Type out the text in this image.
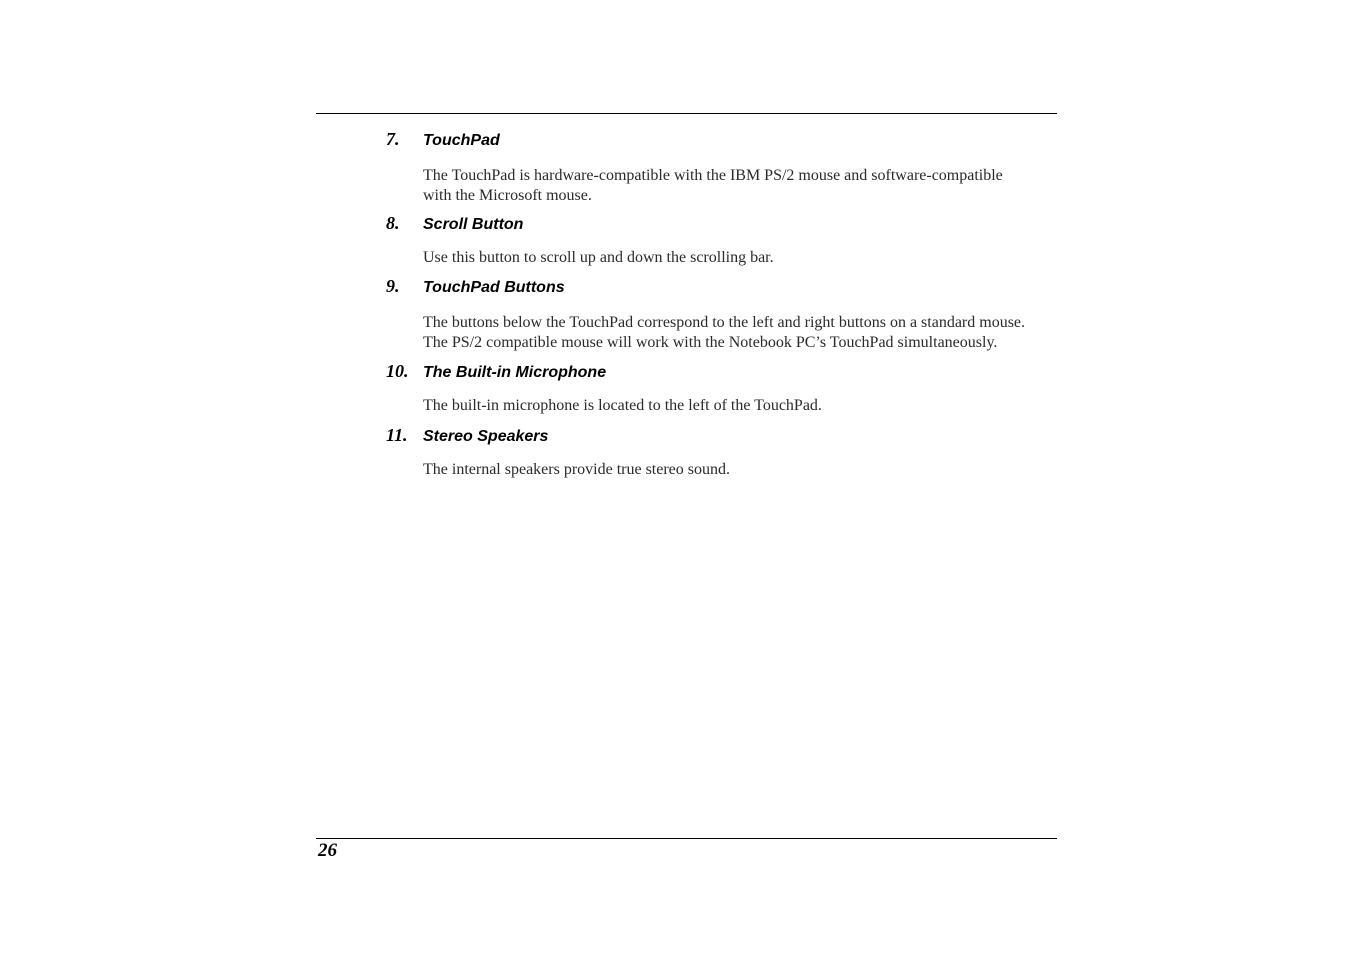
7.	TouchPad

The TouchPad is hardware-compatible with the IBM PS/2 mouse and software-compatible with the Microsoft mouse.

8.	Scroll Button

Use this button to scroll up and down the scrolling bar.

9.	TouchPad Buttons

The buttons below the TouchPad correspond to the left and right buttons on a standard mouse. The PS/2 compatible mouse will work with the Notebook PC’s TouchPad simultaneously.

10. The Built-in Microphone

The built-in microphone is located to the left of the TouchPad.

11. Stereo Speakers

The internal speakers provide true stereo sound.

26
